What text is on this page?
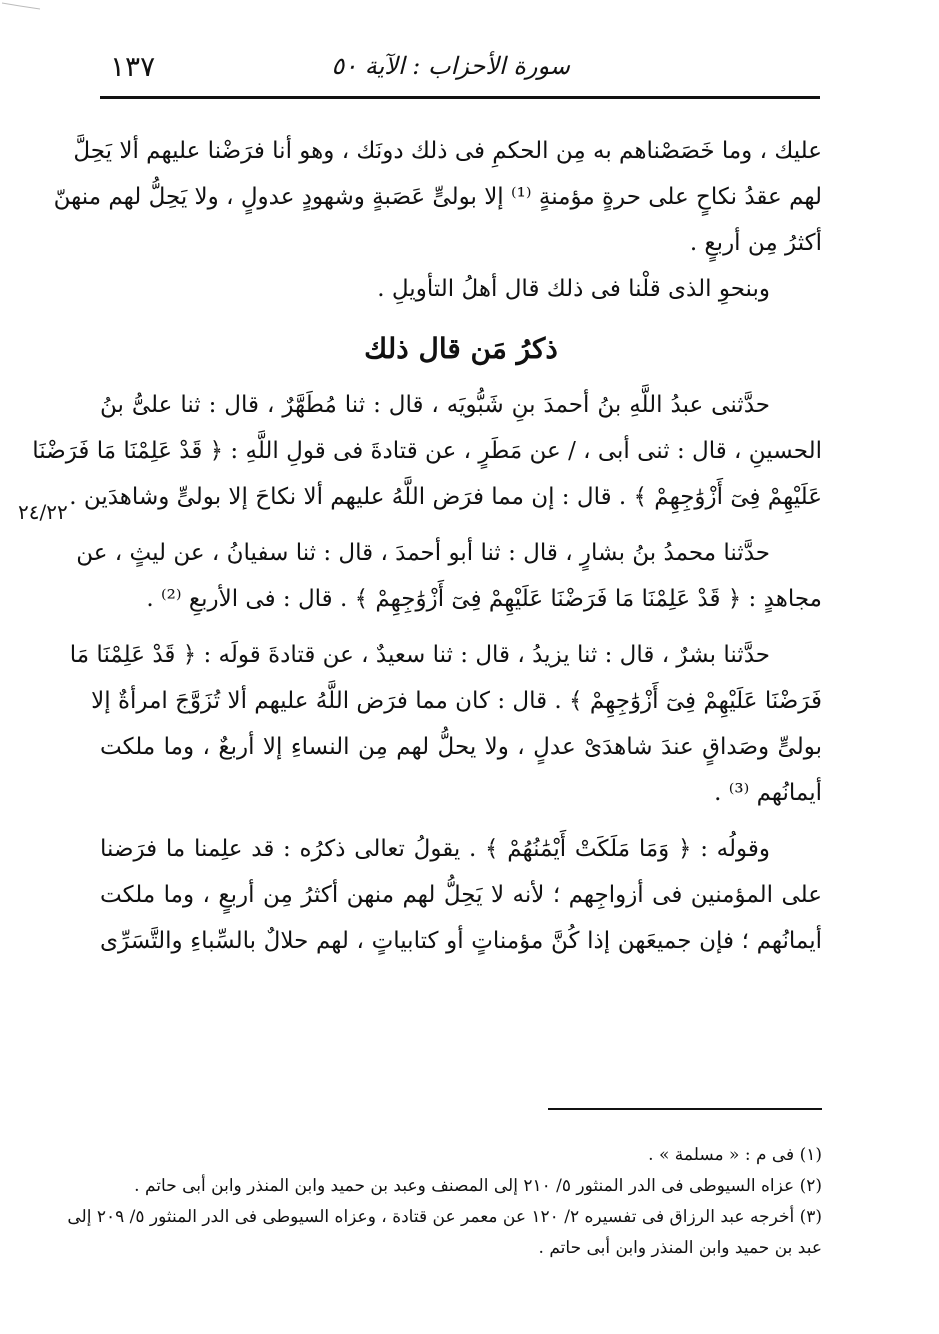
سورة الأحزاب : الآية ٥٠
١٣٧
٢٤/٢٢
عليك ، وما خَصَصْناهم به مِن الحكمِ فى ذلك دونَك ، وهو أنا فرَضْنا عليهم ألا يَحِلَّ
لهم عقدُ نكاحٍ على حرةٍ مؤمنةٍ ⁽¹⁾ إلا بولىٍّ عَصَبةٍ وشهودٍ عدولٍ ، ولا يَحِلُّ لهم منهنّ
أكثرُ مِن أربعٍ .
وبنحوِ الذى قلْنا فى ذلك قال أهلُ التأويلِ .
ذكرُ مَن قال ذلك
حدَّثنى عبدُ اللَّهِ بنُ أحمدَ بنِ شَبُّويَه ، قال : ثنا مُطَهَّرٌ ، قال : ثنا علىُّ بنُ
الحسينِ ، قال : ثنى أبى ، / عن مَطَرٍ ، عن قتادةَ فى قولِ اللَّهِ : ﴿ قَدْ عَلِمْنَا مَا فَرَضْنَا
عَلَيْهِمْ فِىٓ أَزْوَٰجِهِمْ ﴾ . قال : إن مما فرَض اللَّهُ عليهم ألا نكاحَ إلا بولىٍّ وشاهدَين .
حدَّثنا محمدُ بنُ بشارٍ ، قال : ثنا أبو أحمدَ ، قال : ثنا سفيانُ ، عن ليثٍ ، عن
مجاهدٍ : ﴿ قَدْ عَلِمْنَا مَا فَرَضْنَا عَلَيْهِمْ فِىٓ أَزْوَٰجِهِمْ ﴾ . قال : فى الأربعِ ⁽²⁾ .
حدَّثنا بشرٌ ، قال : ثنا يزيدُ ، قال : ثنا سعيدٌ ، عن قتادةَ قولَه : ﴿ قَدْ عَلِمْنَا مَا
فَرَضْنَا عَلَيْهِمْ فِىٓ أَزْوَٰجِهِمْ ﴾ . قال : كان مما فرَض اللَّهُ عليهم ألا تُزَوَّجَ امرأةٌ إلا
بولىٍّ وصَداقٍ عندَ شاهدَىْ عدلٍ ، ولا يحلُّ لهم مِن النساءِ إلا أربعٌ ، وما ملكت
أيمانُهم ⁽³⁾ .
وقولُه : ﴿ وَمَا مَلَكَتْ أَيْمَٰنُهُمْ ﴾ . يقولُ تعالى ذكرُه : قد علِمنا ما فرَضنا
على المؤمنين فى أزواجِهم ؛ لأنه لا يَحِلُّ لهم منهن أكثرُ مِن أربعٍ ، وما ملكت
أيمانُهم ؛ فإن جميعَهن إذا كُنَّ مؤمناتٍ أو كتابياتٍ ، لهم حلالٌ بالسِّباءِ والتَّسَرِّى
(١) فى م : « مسلمة » .
(٢) عزاه السيوطى فى الدر المنثور ٥/ ٢١٠ إلى المصنف وعبد بن حميد وابن المنذر وابن أبى حاتم .
(٣) أخرجه عبد الرزاق فى تفسيره ٢/ ١٢٠ عن معمر عن قتادة ، وعزاه السيوطى فى الدر المنثور ٥/ ٢٠٩ إلى
عبد بن حميد وابن المنذر وابن أبى حاتم .
